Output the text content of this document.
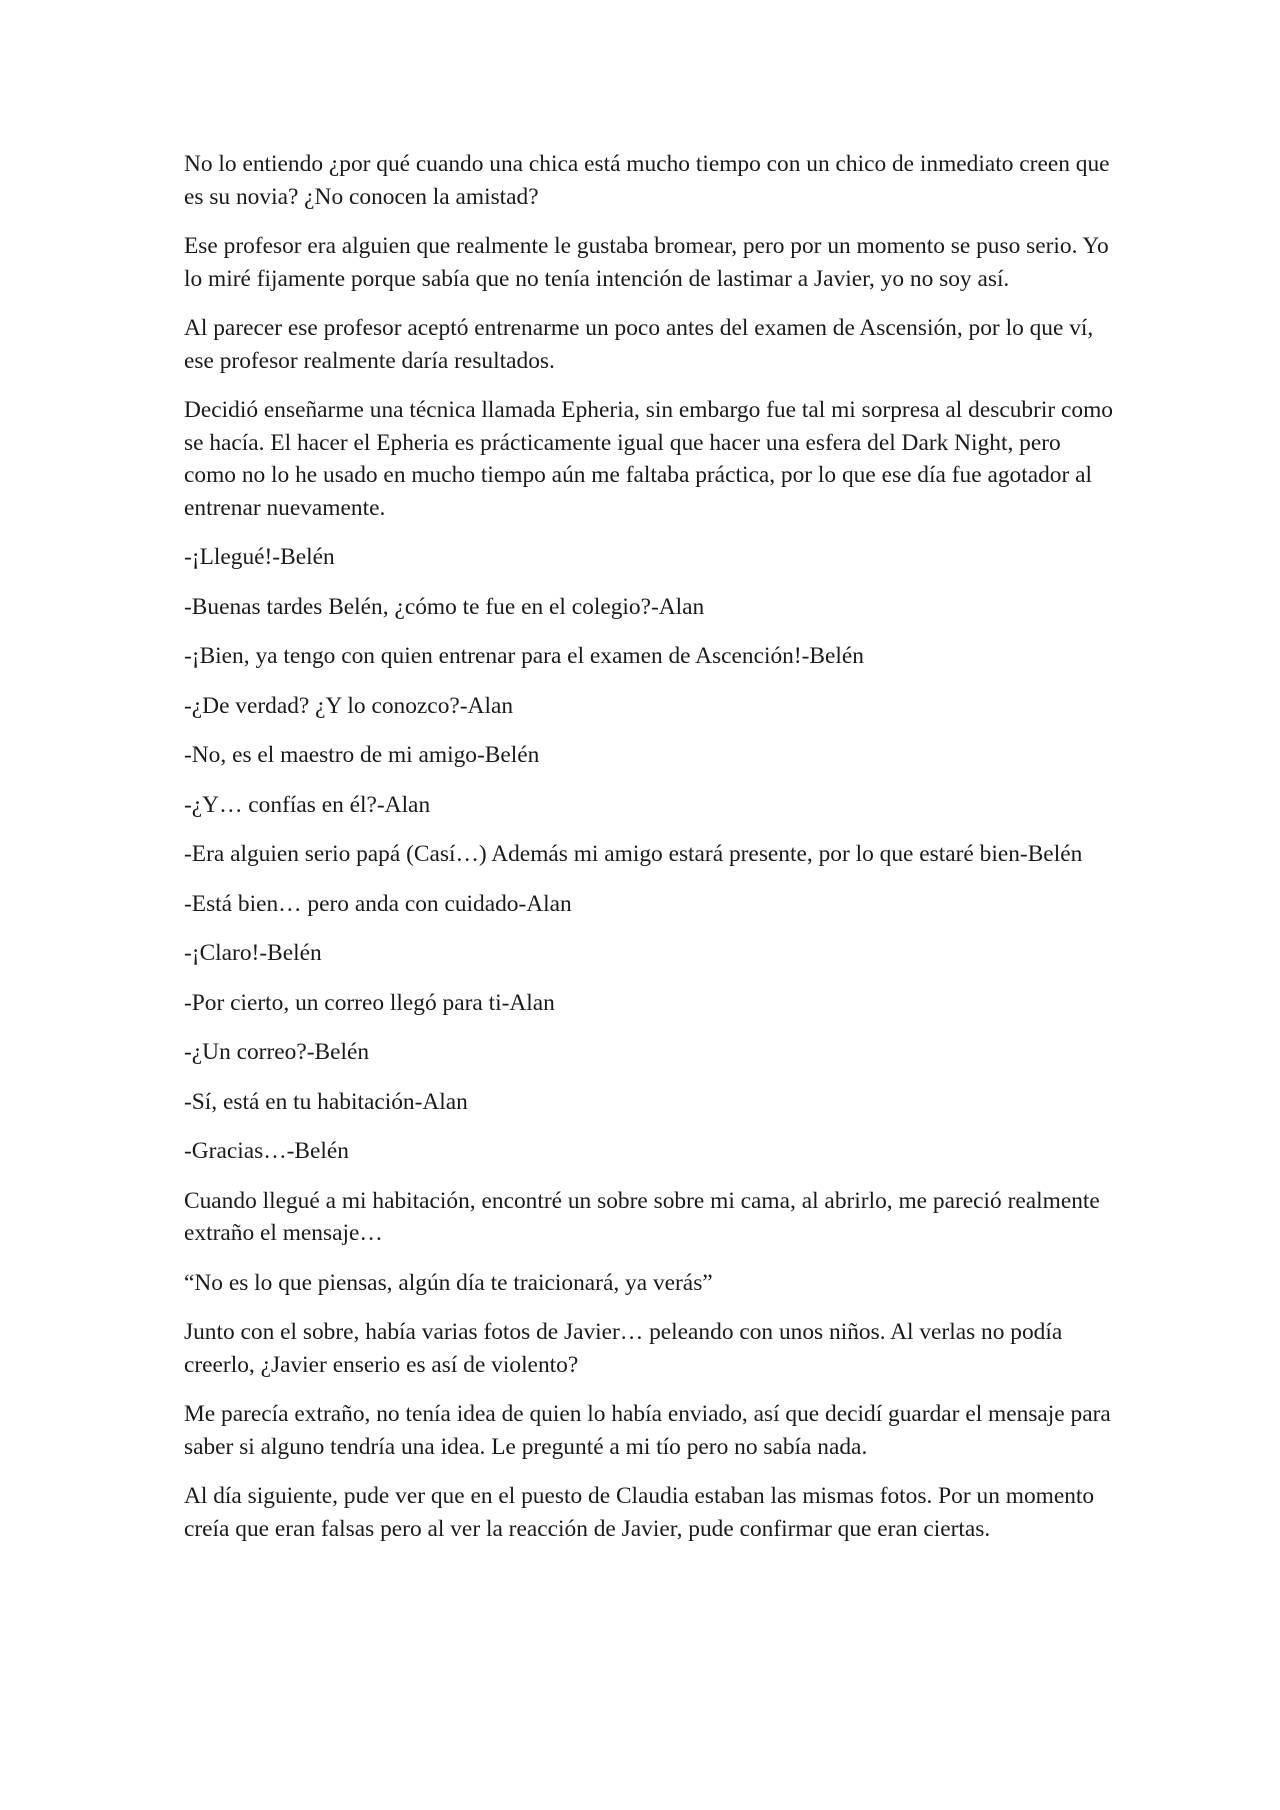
No lo entiendo ¿por qué cuando una chica está mucho tiempo con un chico de inmediato creen que es su novia? ¿No conocen la amistad?

Ese profesor era alguien que realmente le gustaba bromear, pero por un momento se puso serio. Yo lo miré fijamente porque sabía que no tenía intención de lastimar a Javier, yo no soy así.

Al parecer ese profesor aceptó entrenarme un poco antes del examen de Ascensión, por lo que ví, ese profesor realmente daría resultados.

Decidió enseñarme una técnica llamada Epheria, sin embargo fue tal mi sorpresa al descubrir como se hacía. El hacer el Epheria es prácticamente igual que hacer una esfera del Dark Night, pero como no lo he usado en mucho tiempo aún me faltaba práctica, por lo que ese día fue agotador al entrenar nuevamente.

-¡Llegué!-Belén

-Buenas tardes Belén, ¿cómo te fue en el colegio?-Alan

-¡Bien, ya tengo con quien entrenar para el examen de Ascención!-Belén

-¿De verdad? ¿Y lo conozco?-Alan

-No, es el maestro de mi amigo-Belén

-¿Y… confías en él?-Alan

-Era alguien serio papá (Casí…) Además mi amigo estará presente, por lo que estaré bien-Belén

-Está bien… pero anda con cuidado-Alan

-¡Claro!-Belén

-Por cierto, un correo llegó para ti-Alan

-¿Un correo?-Belén

-Sí, está en tu habitación-Alan

-Gracias…-Belén

Cuando llegué a mi habitación, encontré un sobre sobre mi cama, al abrirlo, me pareció realmente extraño el mensaje…

“No es lo que piensas, algún día te traicionará, ya verás”

Junto con el sobre, había varias fotos de Javier… peleando con unos niños. Al verlas no podía creerlo, ¿Javier enserio es así de violento?

Me parecía extraño, no tenía idea de quien lo había enviado, así que decidí guardar el mensaje para saber si alguno tendría una idea. Le pregunté a mi tío pero no sabía nada.

Al día siguiente, pude ver que en el puesto de Claudia estaban las mismas fotos. Por un momento creía que eran falsas pero al ver la reacción de Javier, pude confirmar que eran ciertas.
